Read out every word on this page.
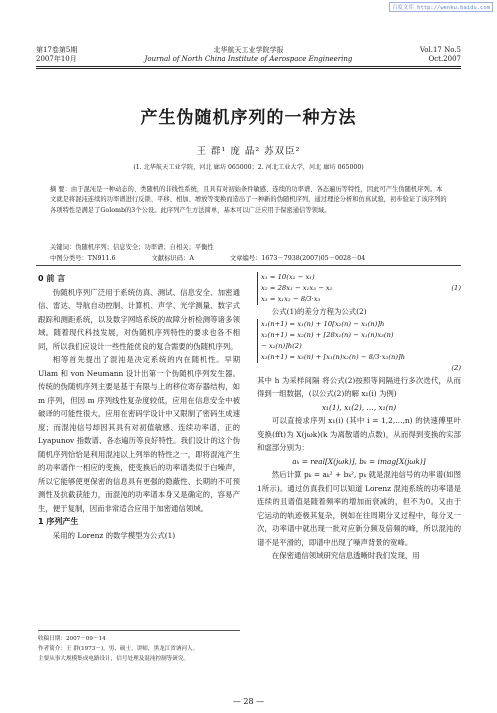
百度文库 http://wenku.baidu.com
第17卷第5期
2007年10月
北华航天工业学院学报
Journal of North China Institute of Aerospace Engineering
Vol.17 No.5
Oct.2007
产生伪随机序列的一种方法
王 群¹ 庞 晶² 苏双臣²
(1. 北华航天工业学院，河北 廊坊 065000；2. 河北工业大学，河北 廊坊 065000)
摘 要：由于混沌是一种动态的、类随机的非线性系统，且具有对初始条件敏感、连续的功率谱、各态遍历等特性，因此可产生伪随机序列。本文就是将混沌连续的功率谱进行反锁、平移、相加、增放等变换而造出了一种新的伪随机序列，通过理论分析和仿真试验，初步验证了该序列的各项特性是满足了Golomb的3个公设。此序列产生方法简单，基本可以广泛应用于保密通信等领域。
关键词：伪随机序列；信息安全；功率谱；自相关；平衡性
中图分类号：TN911.6	文献标识码：A	文章编号：1673－7938(2007)05－0028－04
0 前 言
伪随机序列广泛用于系统仿真、测试、信息安全、加密通信、雷达、导航自动控制、计算机、声学、光学测量、数字式跟踪和测距系统，以及数字网络系统的故障分析检测等诸多领域。随着现代科技发展，对伪随机序列特性的要求也各不相同，所以我们应设计一些性能优良的复合需要的伪随机序列。
相等首先提出了混沌是决定系统的内在随机性。早期 Ulam 和 von Neumann 设计出第一个伪随机序列发生器。传统的伪随机序列主要是基于有限与上的移位寄存器结构，如 m 序列，但因 m 序列线性复杂度较低，应用在信息安全中被破译的可能性很大，应用在密码学设计中又限制了密码生成速度；而混沌信号却因其具有对初值敏感、连续功率谱、正的 Lyapunov 指数谱、各态遍历等良好特性。我们设计的这个伪随机序列恰恰是利用混沌以上列举的特性之一，即将混沌产生的功率谱作一相应的变换，使变换后的功率谱类似于白噪声，所以它能够使更保密的信息具有更强的隐蔽性、长期的不可预测性及抗截获能力，而混沌的功率谱本身又是确定的，容易产生，便于复制，因而非常适合应用于加密通信领域。
1 序列产生
采用的 Lorenz 的数学模型为公式(1)
x₁ = 10(x₂ − x₁)
x₂ = 28x₁ − x₁x₃ − x₂
x₃ = x₁x₂ − 8/3·x₃
(1)
公式(1)的差分方程为公式(2)
x₁(n+1) = x₁(n) + 10[x₂(n) − x₁(n)]h
x₂(n+1) = x₂(n) + [28x₁(n) − x₁(n)x₃(n)
− x₂(n)]h(2)
x₃(n+1) = x₃(n) + [x₁(n)x₂(n) − 8/3·x₃(n)]h
(2)
其中 h 为采样间隔 将公式(2)按照等间隔进行多次迭代，从而得到一组数据，(以公式(2)的解 x₁(i) 为例)
x₁(1), x₁(2), …, x₁(n)
可以直接求序列 x₁(i) (其中 i = 1,2,…,n) 的快速傅里叶变换(fft)为 X(jωk)(k 为离散谱的点数)，从而得到变换的实部和虚部分别为：
aₖ = real[X(jωk)], bₖ = imag[X(jωk)]
然后计算 pₖ = aₖ² + bₖ², pₖ 就是混沌信号的功率谱(如图1所示)。通过仿真我们可以知道 Lorenz 混沌系统的功率谱是连续的且谱值是随着频率的增加而衰减的，但不为0。又由于它运动的轨迹极其复杂，例如在往周期分叉过程中，每分叉一次，功率谱中就出现一批对应新分频及倍频的峰，所以混沌的谱不是平滑的，即谱中出现了噪声背景的宽峰。
在保密通信领域研究信息透晰时我们发现，用
收稿日期：2007－09－14
作者简介：王 群(1973－)，男，硕士，讲师，黑龙江省讷河人。
主要从事大规模集成电路设计，信号处理及混沌控制等研究。
— 28 —
